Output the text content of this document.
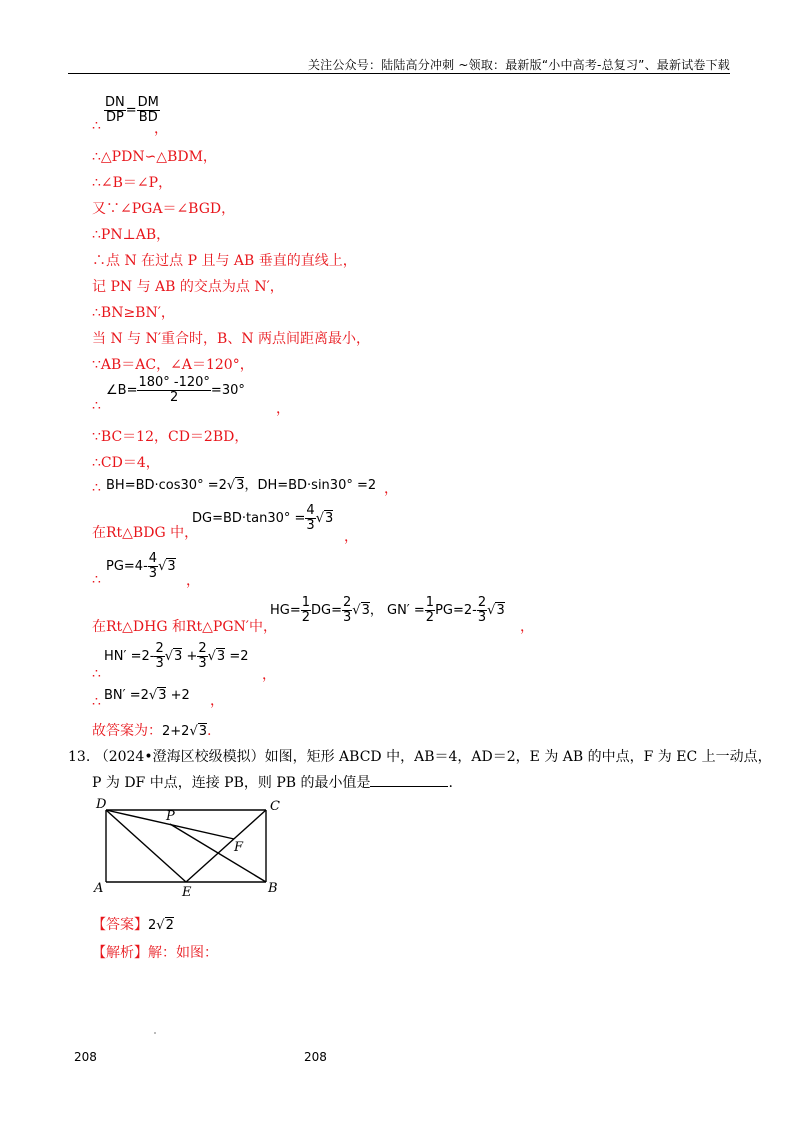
关注公众号：陆陆高分冲刺 ~领取：最新版“小中高考-总复习”、最新试卷下载
$\frac{DN}{DP} = \frac{DM}{BD}$
∴	，
∴△PDN∽△BDM，
∴∠B＝∠P，
又∵∠PGA＝∠BGD，
∴PN⊥AB，
∴点 N 在过点 P 且与 AB 垂直的直线上，
记 PN 与 AB 的交点为点 N′，
∴BN≥BN′，
当 N 与 N′重合时，B、N 两点间距离最小，
∵AB＝AC，∠A＝120°，
∴
∠B= $\frac{180^\circ -120^\circ}{2} =30^\circ$
，
∵BC＝12，CD＝2BD，
∴CD＝4，
∴ BH=BD·cos30° =2√3，DH=BD·sin30° =2 ，
在Rt△BDG 中，
$DG=BD\cdot\tan 30^\circ = \frac{4}{3} √3$
，
∴
$PG=4- \frac{4}{3} √3$
，
在Rt△DHG 和Rt△PGN′中，
$HG= \frac{1}{2} DG= \frac{2}{3} √3$， $GN' = \frac{1}{2} PG=2- \frac{2}{3} √3$
，
∴
$HN' =2- \frac{2}{3} √3 + \frac{2}{3} √3 =2$
，
∴ BN′ =2√3 +2 ，
故答案为：2+2√3.
13. （2024•澄海区校级模拟）如图，矩形 ABCD 中，AB＝4，AD＝2，E 为 AB 的中点，F 为 EC 上一动点，
P 为 DF 中点，连接 PB，则 PB 的最小值是	.
D	C
P
F
A	E	B
【答案】2√2
【解析】解：如图：
208	208
